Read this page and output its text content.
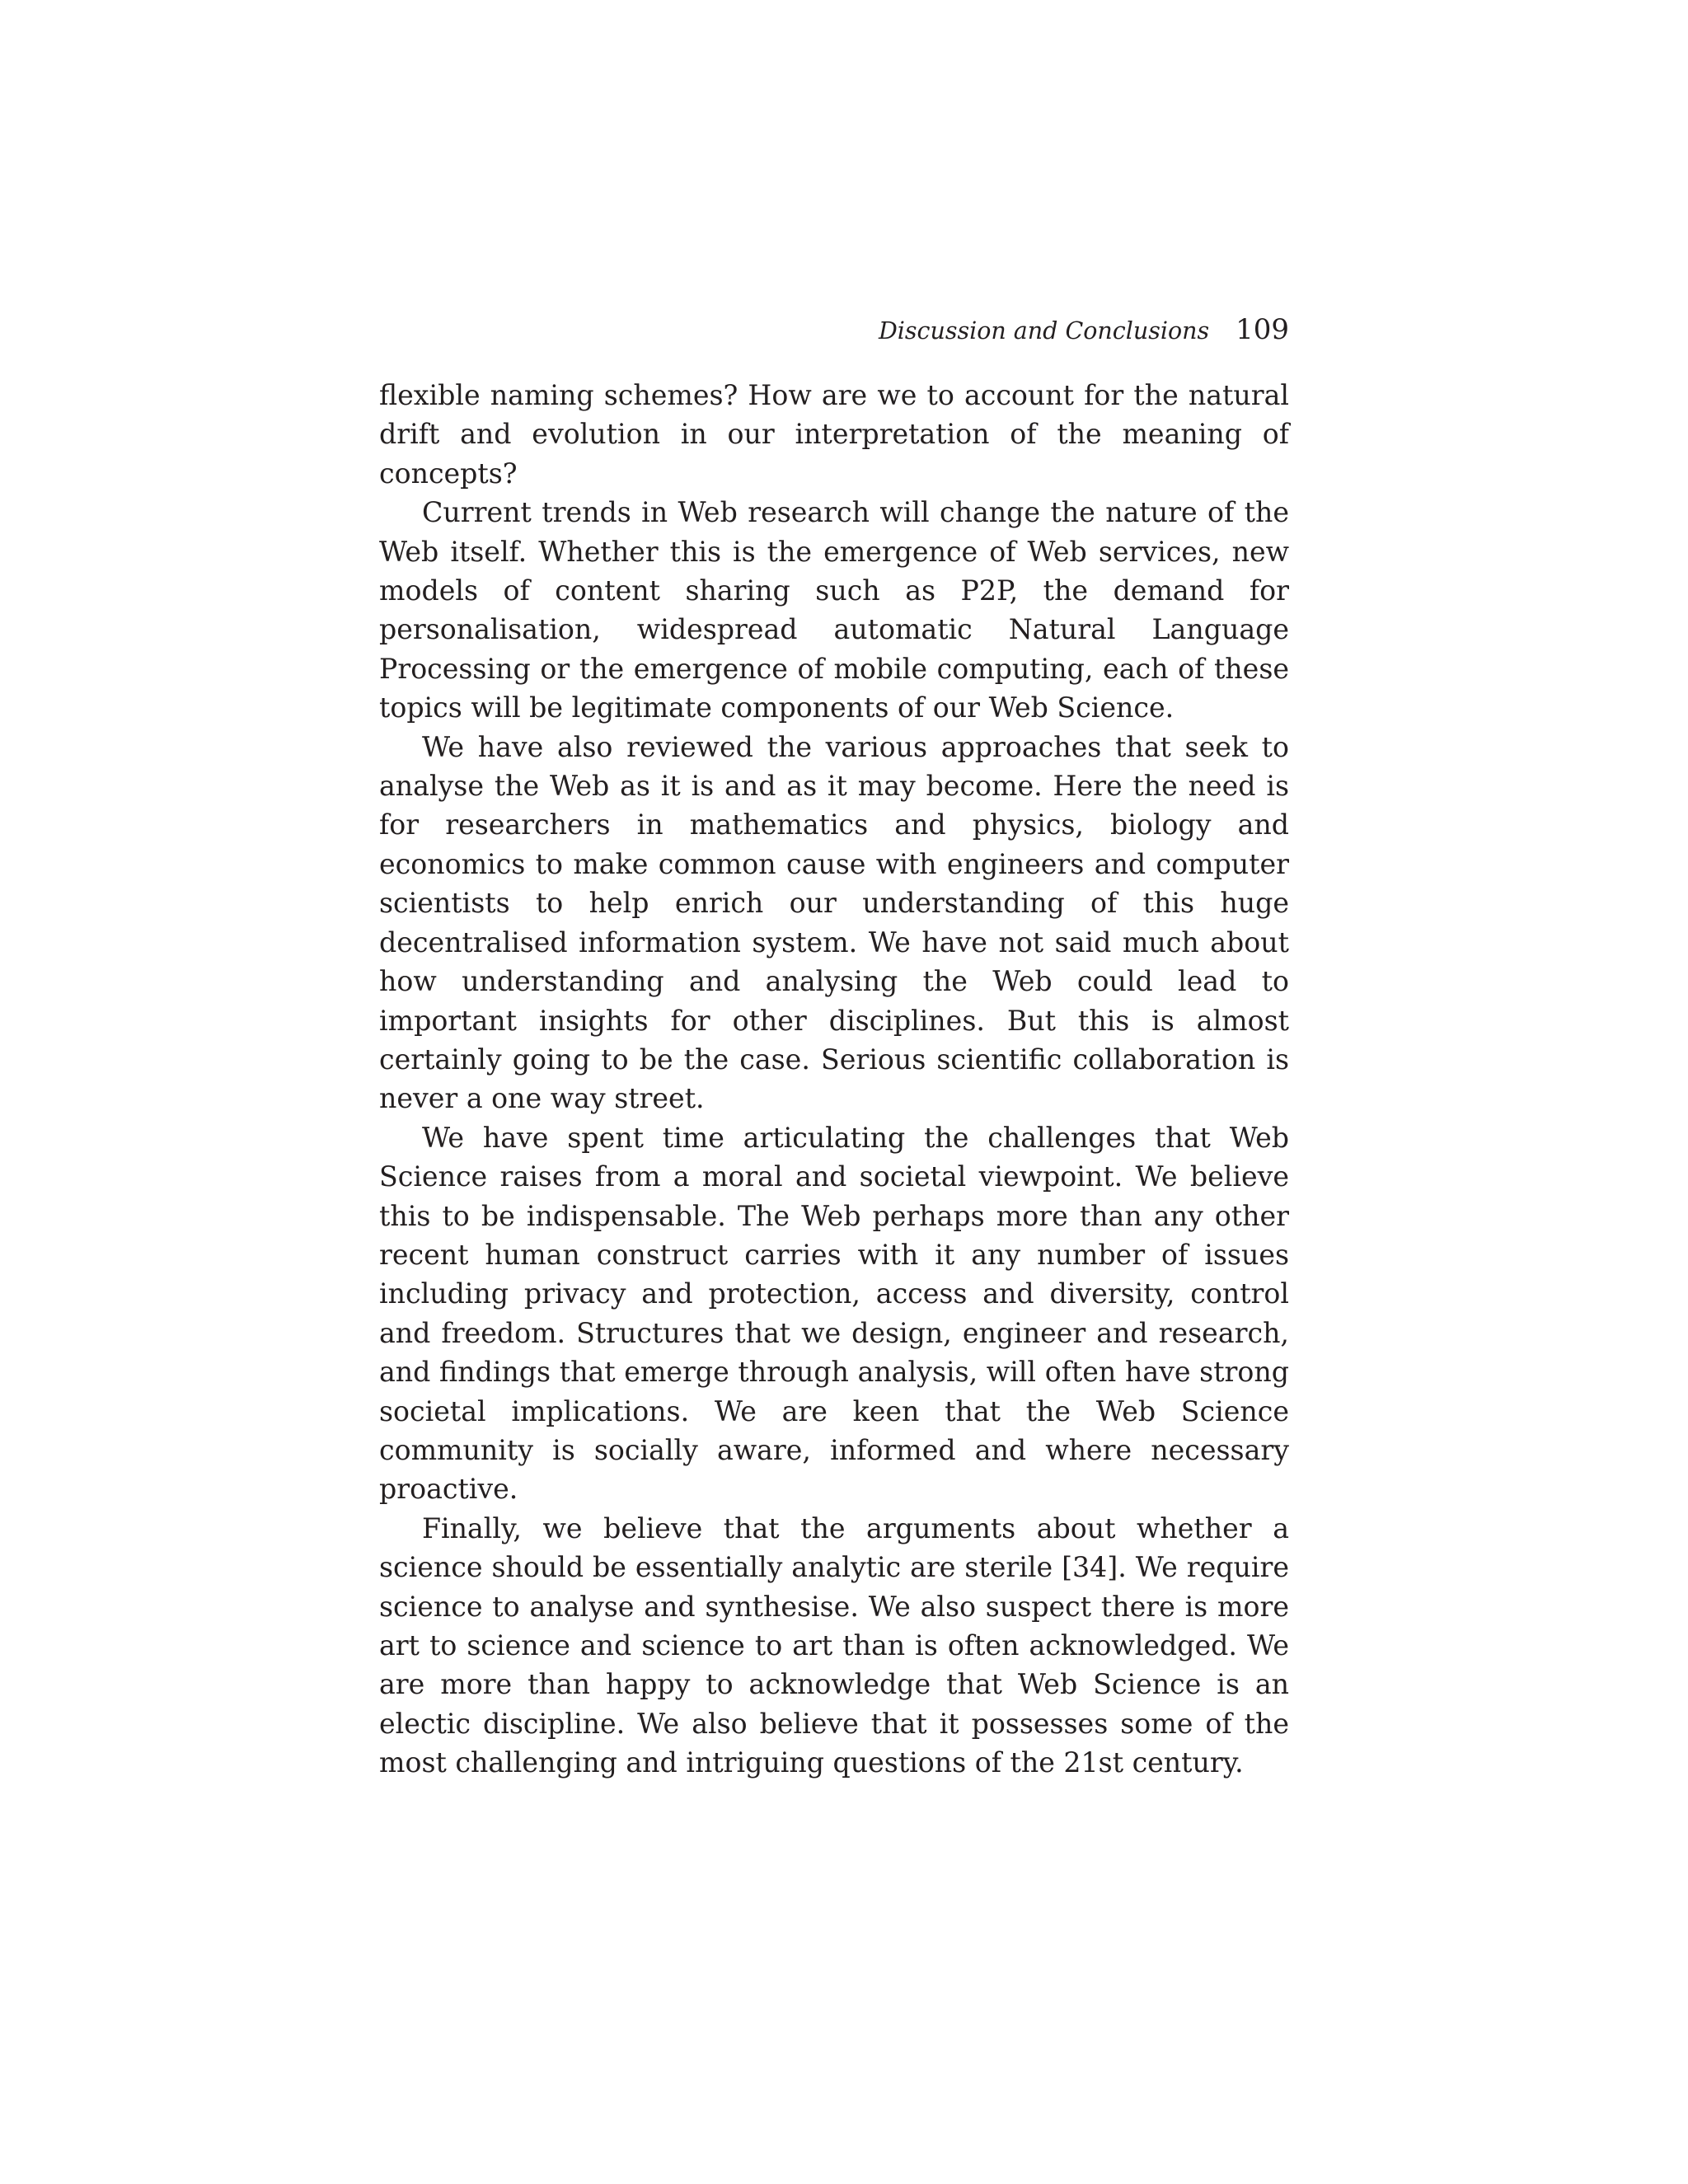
Discussion and Conclusions 109

flexible naming schemes? How are we to account for the natural drift and evolution in our interpretation of the meaning of concepts?

Current trends in Web research will change the nature of the Web itself. Whether this is the emergence of Web services, new models of content sharing such as P2P, the demand for personalisation, widespread automatic Natural Language Processing or the emergence of mobile computing, each of these topics will be legitimate components of our Web Science.

We have also reviewed the various approaches that seek to analyse the Web as it is and as it may become. Here the need is for researchers in mathematics and physics, biology and economics to make common cause with engineers and computer scientists to help enrich our understanding of this huge decentralised information system. We have not said much about how understanding and analysing the Web could lead to important insights for other disciplines. But this is almost certainly going to be the case. Serious scientific collaboration is never a one way street.

We have spent time articulating the challenges that Web Science raises from a moral and societal viewpoint. We believe this to be indispensable. The Web perhaps more than any other recent human construct carries with it any number of issues including privacy and protection, access and diversity, control and freedom. Structures that we design, engineer and research, and findings that emerge through analysis, will often have strong societal implications. We are keen that the Web Science community is socially aware, informed and where necessary proactive.

Finally, we believe that the arguments about whether a science should be essentially analytic are sterile [34]. We require science to analyse and synthesise. We also suspect there is more art to science and science to art than is often acknowledged. We are more than happy to acknowledge that Web Science is an electic discipline. We also believe that it possesses some of the most challenging and intriguing questions of the 21st century.
